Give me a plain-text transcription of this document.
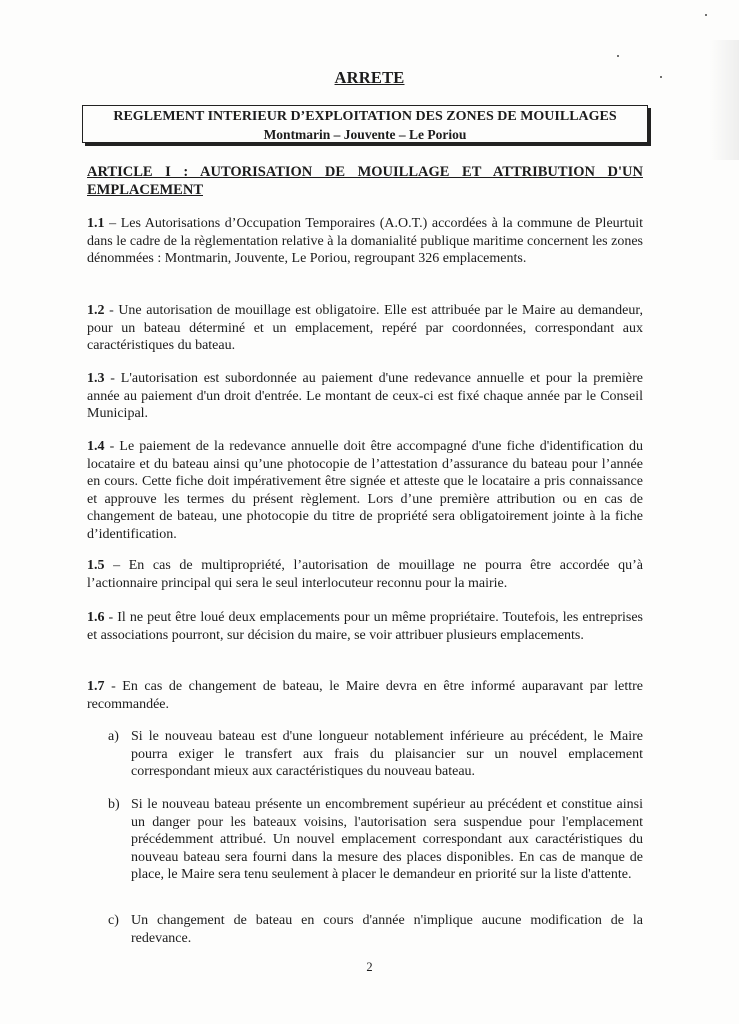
ARRETE
REGLEMENT INTERIEUR D’EXPLOITATION DES ZONES DE MOUILLAGES
Montmarin – Jouvente – Le Poriou
ARTICLE I : AUTORISATION DE MOUILLAGE ET ATTRIBUTION D'UN EMPLACEMENT
1.1 – Les Autorisations d’Occupation Temporaires (A.O.T.) accordées à la commune de Pleurtuit dans le cadre de la règlementation relative à la domanialité publique maritime concernent les zones dénommées : Montmarin, Jouvente, Le Poriou, regroupant 326 emplacements.
1.2 - Une autorisation de mouillage est obligatoire. Elle est attribuée par le Maire au demandeur, pour un bateau déterminé et un emplacement, repéré par coordonnées, correspondant aux caractéristiques du bateau.
1.3 - L'autorisation est subordonnée au paiement d'une redevance annuelle et pour la première année au paiement d'un droit d'entrée. Le montant de ceux-ci est fixé chaque année par le Conseil Municipal.
1.4 - Le paiement de la redevance annuelle doit être accompagné d'une fiche d'identification du locataire et du bateau ainsi qu’une photocopie de l’attestation d’assurance du bateau pour l’année en cours. Cette fiche doit impérativement être signée et atteste que le locataire a pris connaissance et approuve les termes du présent règlement. Lors d’une première attribution ou en cas de changement de bateau, une photocopie du titre de propriété sera obligatoirement jointe à la fiche d’identification.
1.5 – En cas de multipropriété, l’autorisation de mouillage ne pourra être accordée qu’à l’actionnaire principal qui sera le seul interlocuteur reconnu pour la mairie.
1.6 - Il ne peut être loué deux emplacements pour un même propriétaire. Toutefois, les entreprises et associations pourront, sur décision du maire, se voir attribuer plusieurs emplacements.
1.7 - En cas de changement de bateau, le Maire devra en être informé auparavant par lettre recommandée.
a) Si le nouveau bateau est d'une longueur notablement inférieure au précédent, le Maire pourra exiger le transfert aux frais du plaisancier sur un nouvel emplacement correspondant mieux aux caractéristiques du nouveau bateau.
b) Si le nouveau bateau présente un encombrement supérieur au précédent et constitue ainsi un danger pour les bateaux voisins, l'autorisation sera suspendue pour l'emplacement précédemment attribué. Un nouvel emplacement correspondant aux caractéristiques du nouveau bateau sera fourni dans la mesure des places disponibles. En cas de manque de place, le Maire sera tenu seulement à placer le demandeur en priorité sur la liste d'attente.
c) Un changement de bateau en cours d'année n'implique aucune modification de la redevance.
2
